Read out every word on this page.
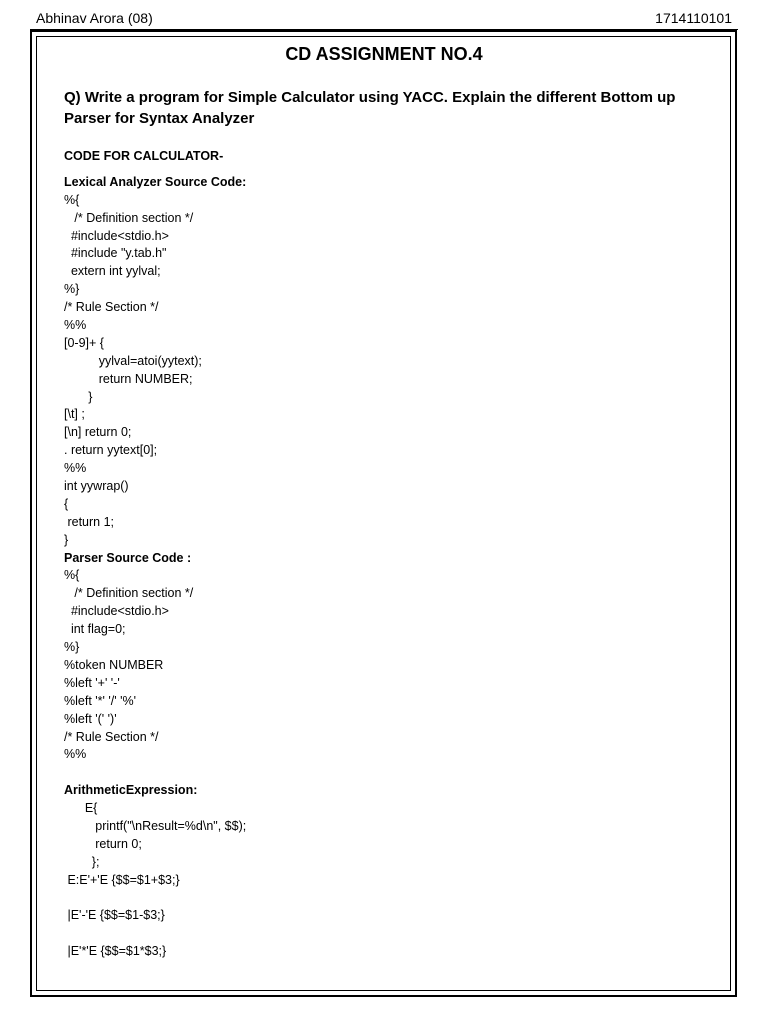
Abhinav Arora (08)	1714110101
CD ASSIGNMENT NO.4
Q) Write a program for Simple Calculator using YACC. Explain the different Bottom up Parser for Syntax Analyzer
CODE FOR CALCULATOR-
Lexical Analyzer Source Code:
%{
/* Definition section */
#include<stdio.h>
#include "y.tab.h"
extern int yylval;
%}
/* Rule Section */
%%
[0-9]+ {
yylval=atoi(yytext);
return NUMBER;
}
[\t] ;
[\n] return 0;
. return yytext[0];
%%
int yywrap()
{
return 1;
}
Parser Source Code :
%{
/* Definition section */
#include<stdio.h>
int flag=0;
%}
%token NUMBER
%left '+' '-'
%left '*' '/' '%'
%left '(' ')'
/* Rule Section */
%%
ArithmeticExpression:
E{
printf("\nResult=%d\n", $$);
return 0;
};
E:E'+'E {$$=$1+$3;}
|E'-'E {$$=$1-$3;}
|E'*'E {$$=$1*$3;}
